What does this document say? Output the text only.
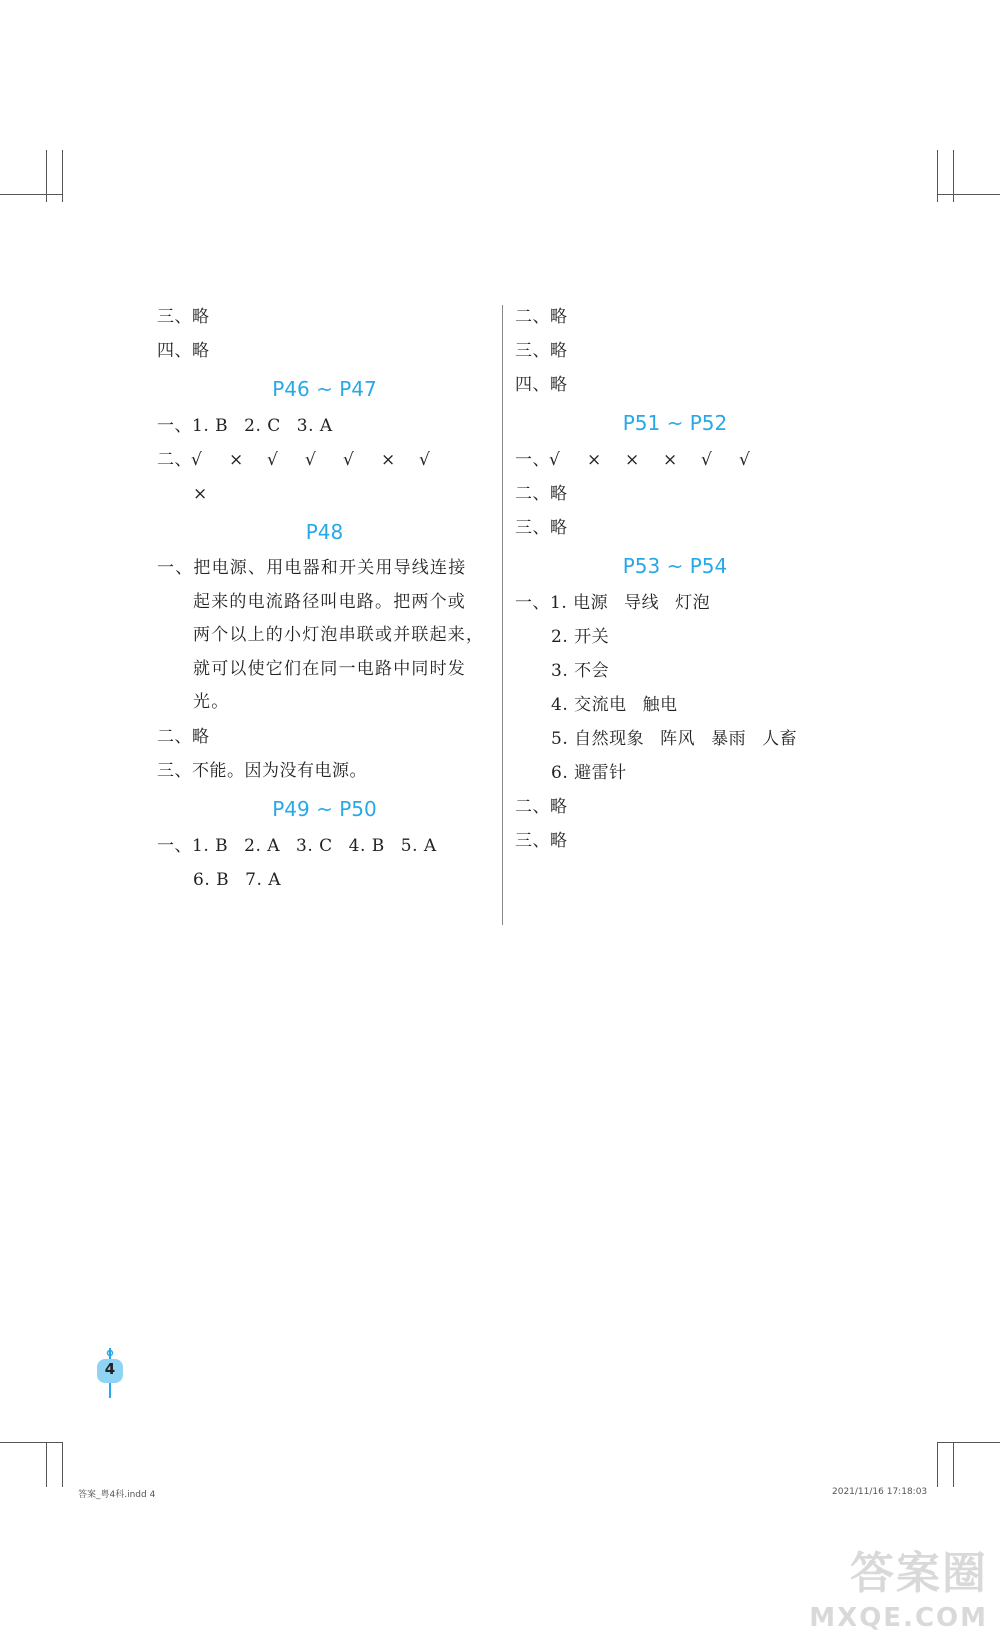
三、略
四、略
P46 ~ P47
一、1. B 2. C 3. A
二、√ × √ √ √ × √
×
P48
一、把电源、用电器和开关用导线连接
起来的电流路径叫电路。把两个或
两个以上的小灯泡串联或并联起来，
就可以使它们在同一电路中同时发
光。
二、略
三、不能。因为没有电源。
P49 ~ P50
一、1. B 2. A 3. C 4. B 5. A
6. B 7. A
二、略
三、略
四、略
P51 ~ P52
一、√ × × × √ √
二、略
三、略
P53 ~ P54
一、1. 电源 导线 灯泡
2. 开关
3. 不会
4. 交流电 触电
5. 自然现象 阵风 暴雨 人畜
6. 避雷针
二、略
三、略
4
答案_粤4科.indd 4	2021/11/16 17:18:03
答案圈
MXQE.COM
